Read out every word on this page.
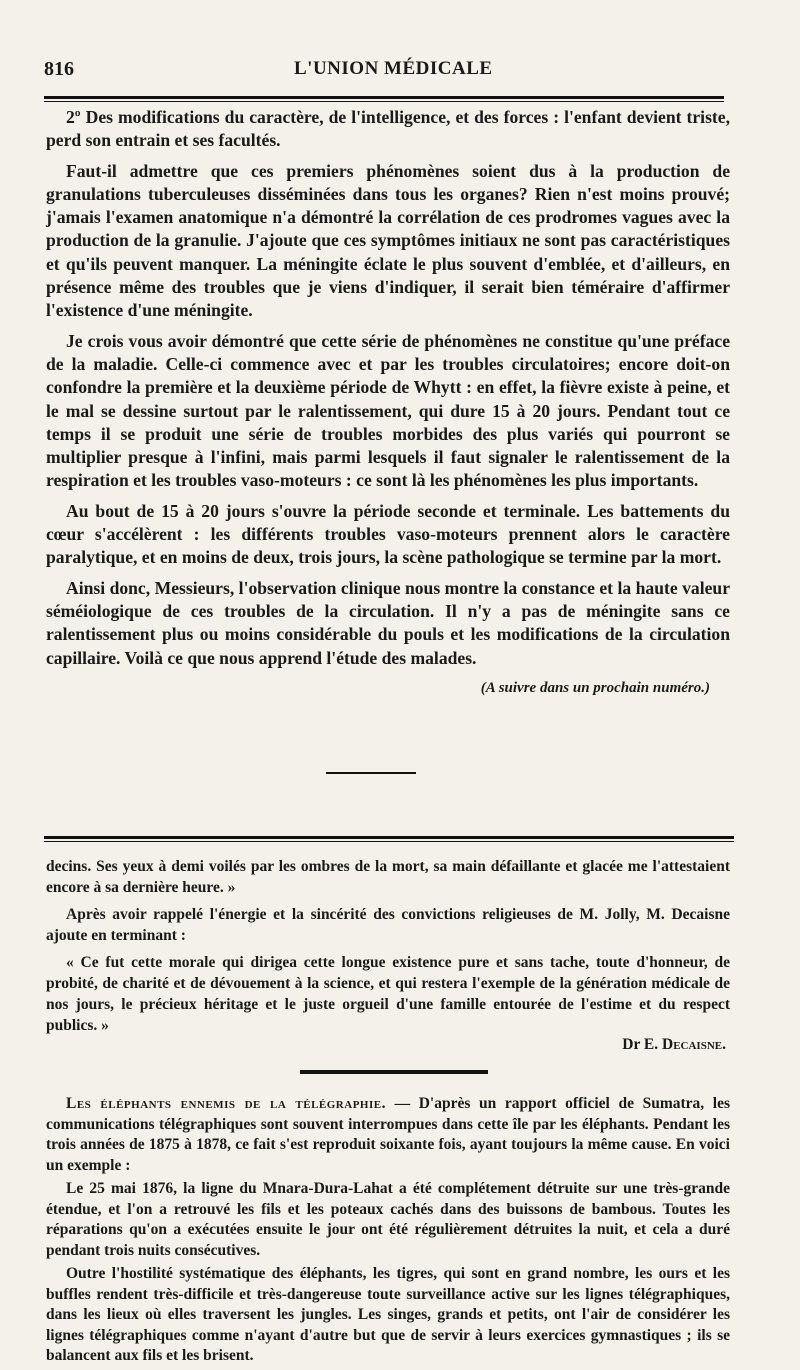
816	L'UNION MÉDICALE

2º Des modifications du caractère, de l'intelligence, et des forces : l'enfant devient triste, perd son entrain et ses facultés.

Faut-il admettre que ces premiers phénomènes soient dus à la production de granulations tuberculeuses disséminées dans tous les organes? Rien n'est moins prouvé; j'amais l'examen anatomique n'a démontré la corrélation de ces prodromes vagues avec la production de la granulie. J'ajoute que ces symptômes initiaux ne sont pas caractéristiques et qu'ils peuvent manquer. La méningite éclate le plus souvent d'emblée, et d'ailleurs, en présence même des troubles que je viens d'indiquer, il serait bien téméraire d'affirmer l'existence d'une méningite.

Je crois vous avoir démontré que cette série de phénomènes ne constitue qu'une préface de la maladie. Celle-ci commence avec et par les troubles circulatoires; encore doit-on confondre la première et la deuxième période de Whytt : en effet, la fièvre existe à peine, et le mal se dessine surtout par le ralentissement, qui dure 15 à 20 jours. Pendant tout ce temps il se produit une série de troubles morbides des plus variés qui pourront se multiplier presque à l'infini, mais parmi lesquels il faut signaler le ralentissement de la respiration et les troubles vaso-moteurs : ce sont là les phénomènes les plus importants.

Au bout de 15 à 20 jours s'ouvre la période seconde et terminale. Les battements du cœur s'accélèrent : les différents troubles vaso-moteurs prennent alors le caractère paralytique, et en moins de deux, trois jours, la scène pathologique se termine par la mort.

Ainsi donc, Messieurs, l'observation clinique nous montre la constance et la haute valeur séméiologique de ces troubles de la circulation. Il n'y a pas de méningite sans ce ralentissement plus ou moins considérable du pouls et les modifications de la circulation capillaire. Voilà ce que nous apprend l'étude des malades.

(A suivre dans un prochain numéro.)

decins. Ses yeux à demi voilés par les ombres de la mort, sa main défaillante et glacée me l'attestaient encore à sa dernière heure. »

Après avoir rappelé l'énergie et la sincérité des convictions religieuses de M. Jolly, M. Decaisne ajoute en terminant :

« Ce fut cette morale qui dirigea cette longue existence pure et sans tache, toute d'honneur, de probité, de charité et de dévouement à la science, et qui restera l'exemple de la génération médicale de nos jours, le précieux héritage et le juste orgueil d'une famille entourée de l'estime et du respect publics. »

Dr E. Decaisne.

Les éléphants ennemis de la télégraphie. — D'après un rapport officiel de Sumatra, les communications télégraphiques sont souvent interrompues dans cette île par les éléphants. Pendant les trois années de 1875 à 1878, ce fait s'est reproduit soixante fois, ayant toujours la même cause. En voici un exemple :

Le 25 mai 1876, la ligne du Mnara-Dura-Lahat a été complétement détruite sur une très-grande étendue, et l'on a retrouvé les fils et les poteaux cachés dans des buissons de bambous. Toutes les réparations qu'on a exécutées ensuite le jour ont été régulièrement détruites la nuit, et cela a duré pendant trois nuits consécutives.

Outre l'hostilité systématique des éléphants, les tigres, qui sont en grand nombre, les ours et les buffles rendent très-difficile et très-dangereuse toute surveillance active sur les lignes télégraphiques, dans les lieux où elles traversent les jungles. Les singes, grands et petits, ont l'air de considérer les lignes télégraphiques comme n'ayant d'autre but que de servir à leurs exercices gymnastiques ; ils se balancent aux fils et les brisent.
